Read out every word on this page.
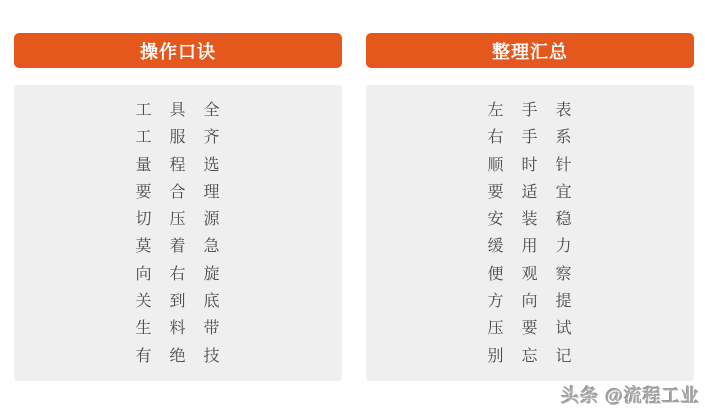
操作口诀

工　具　全

工　服　齐

量　程　选

要　合　理

切　压　源

莫　着　急

向　右　旋

关　到　底

生　料　带

有　绝　技

整理汇总

左　手　表

右　手　系

顺　时　针

要　适　宜

安　装　稳

缓　用　力

便　观　察

方　向　提

压　要　试

别　忘　记

头条 @流程工业
